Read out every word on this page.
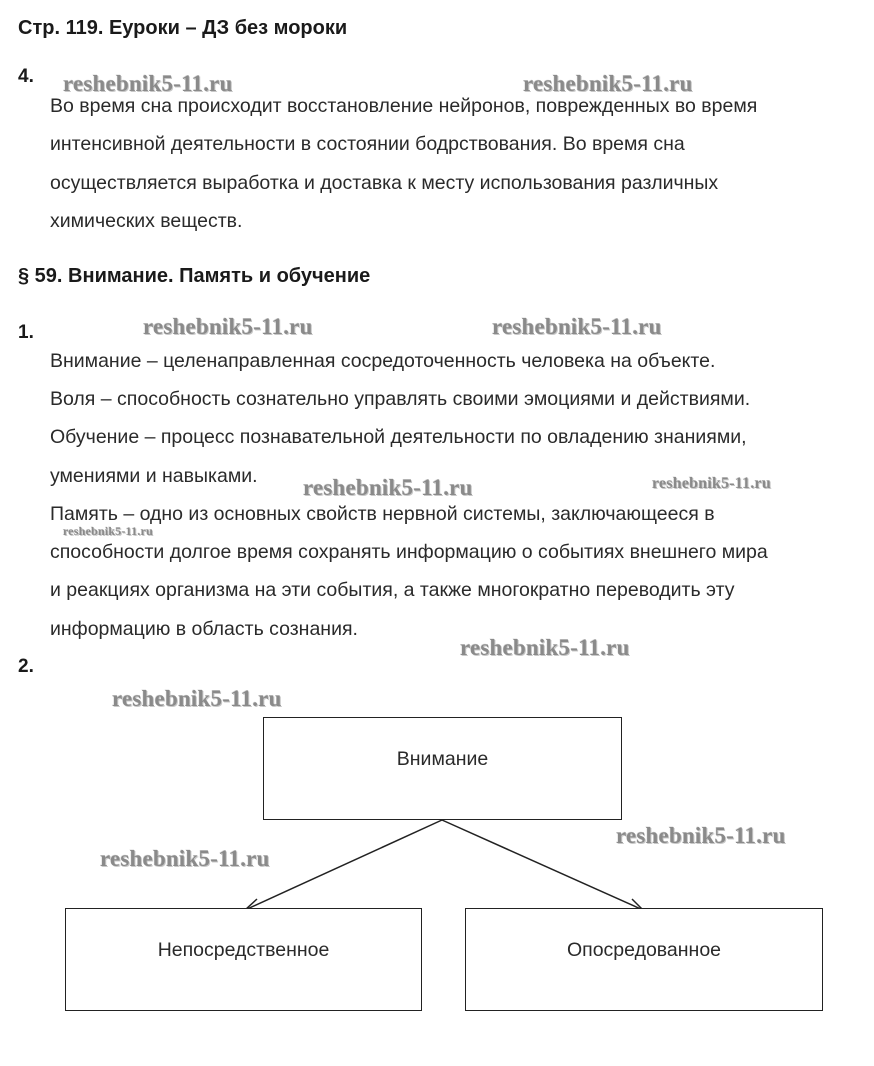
Стр. 119. Еуроки – ДЗ без мороки
4.
Во время сна происходит восстановление нейронов, поврежденных во время
интенсивной деятельности в состоянии бодрствования. Во время сна
осуществляется выработка и доставка к месту использования различных
химических веществ.
§ 59. Внимание. Память и обучение
1.
Внимание – целенаправленная сосредоточенность человека на объекте.
Воля – способность сознательно управлять своими эмоциями и действиями.
Обучение – процесс познавательной деятельности по овладению знаниями,
умениями и навыками.
Память – одно из основных свойств нервной системы, заключающееся в
способности долгое время сохранять информацию о событиях внешнего мира
и реакциях организма на эти события, а также многократно переводить эту
информацию в область сознания.
2.
Внимание
Непосредственное	Опосредованное
reshebnik5-11.ru	reshebnik5-11.ru
reshebnik5-11.ru	reshebnik5-11.ru
reshebnik5-11.ru	reshebnik5-11.ru
reshebnik5-11.ru
reshebnik5-11.ru
reshebnik5-11.ru
reshebnik5-11.ru
reshebnik5-11.ru
